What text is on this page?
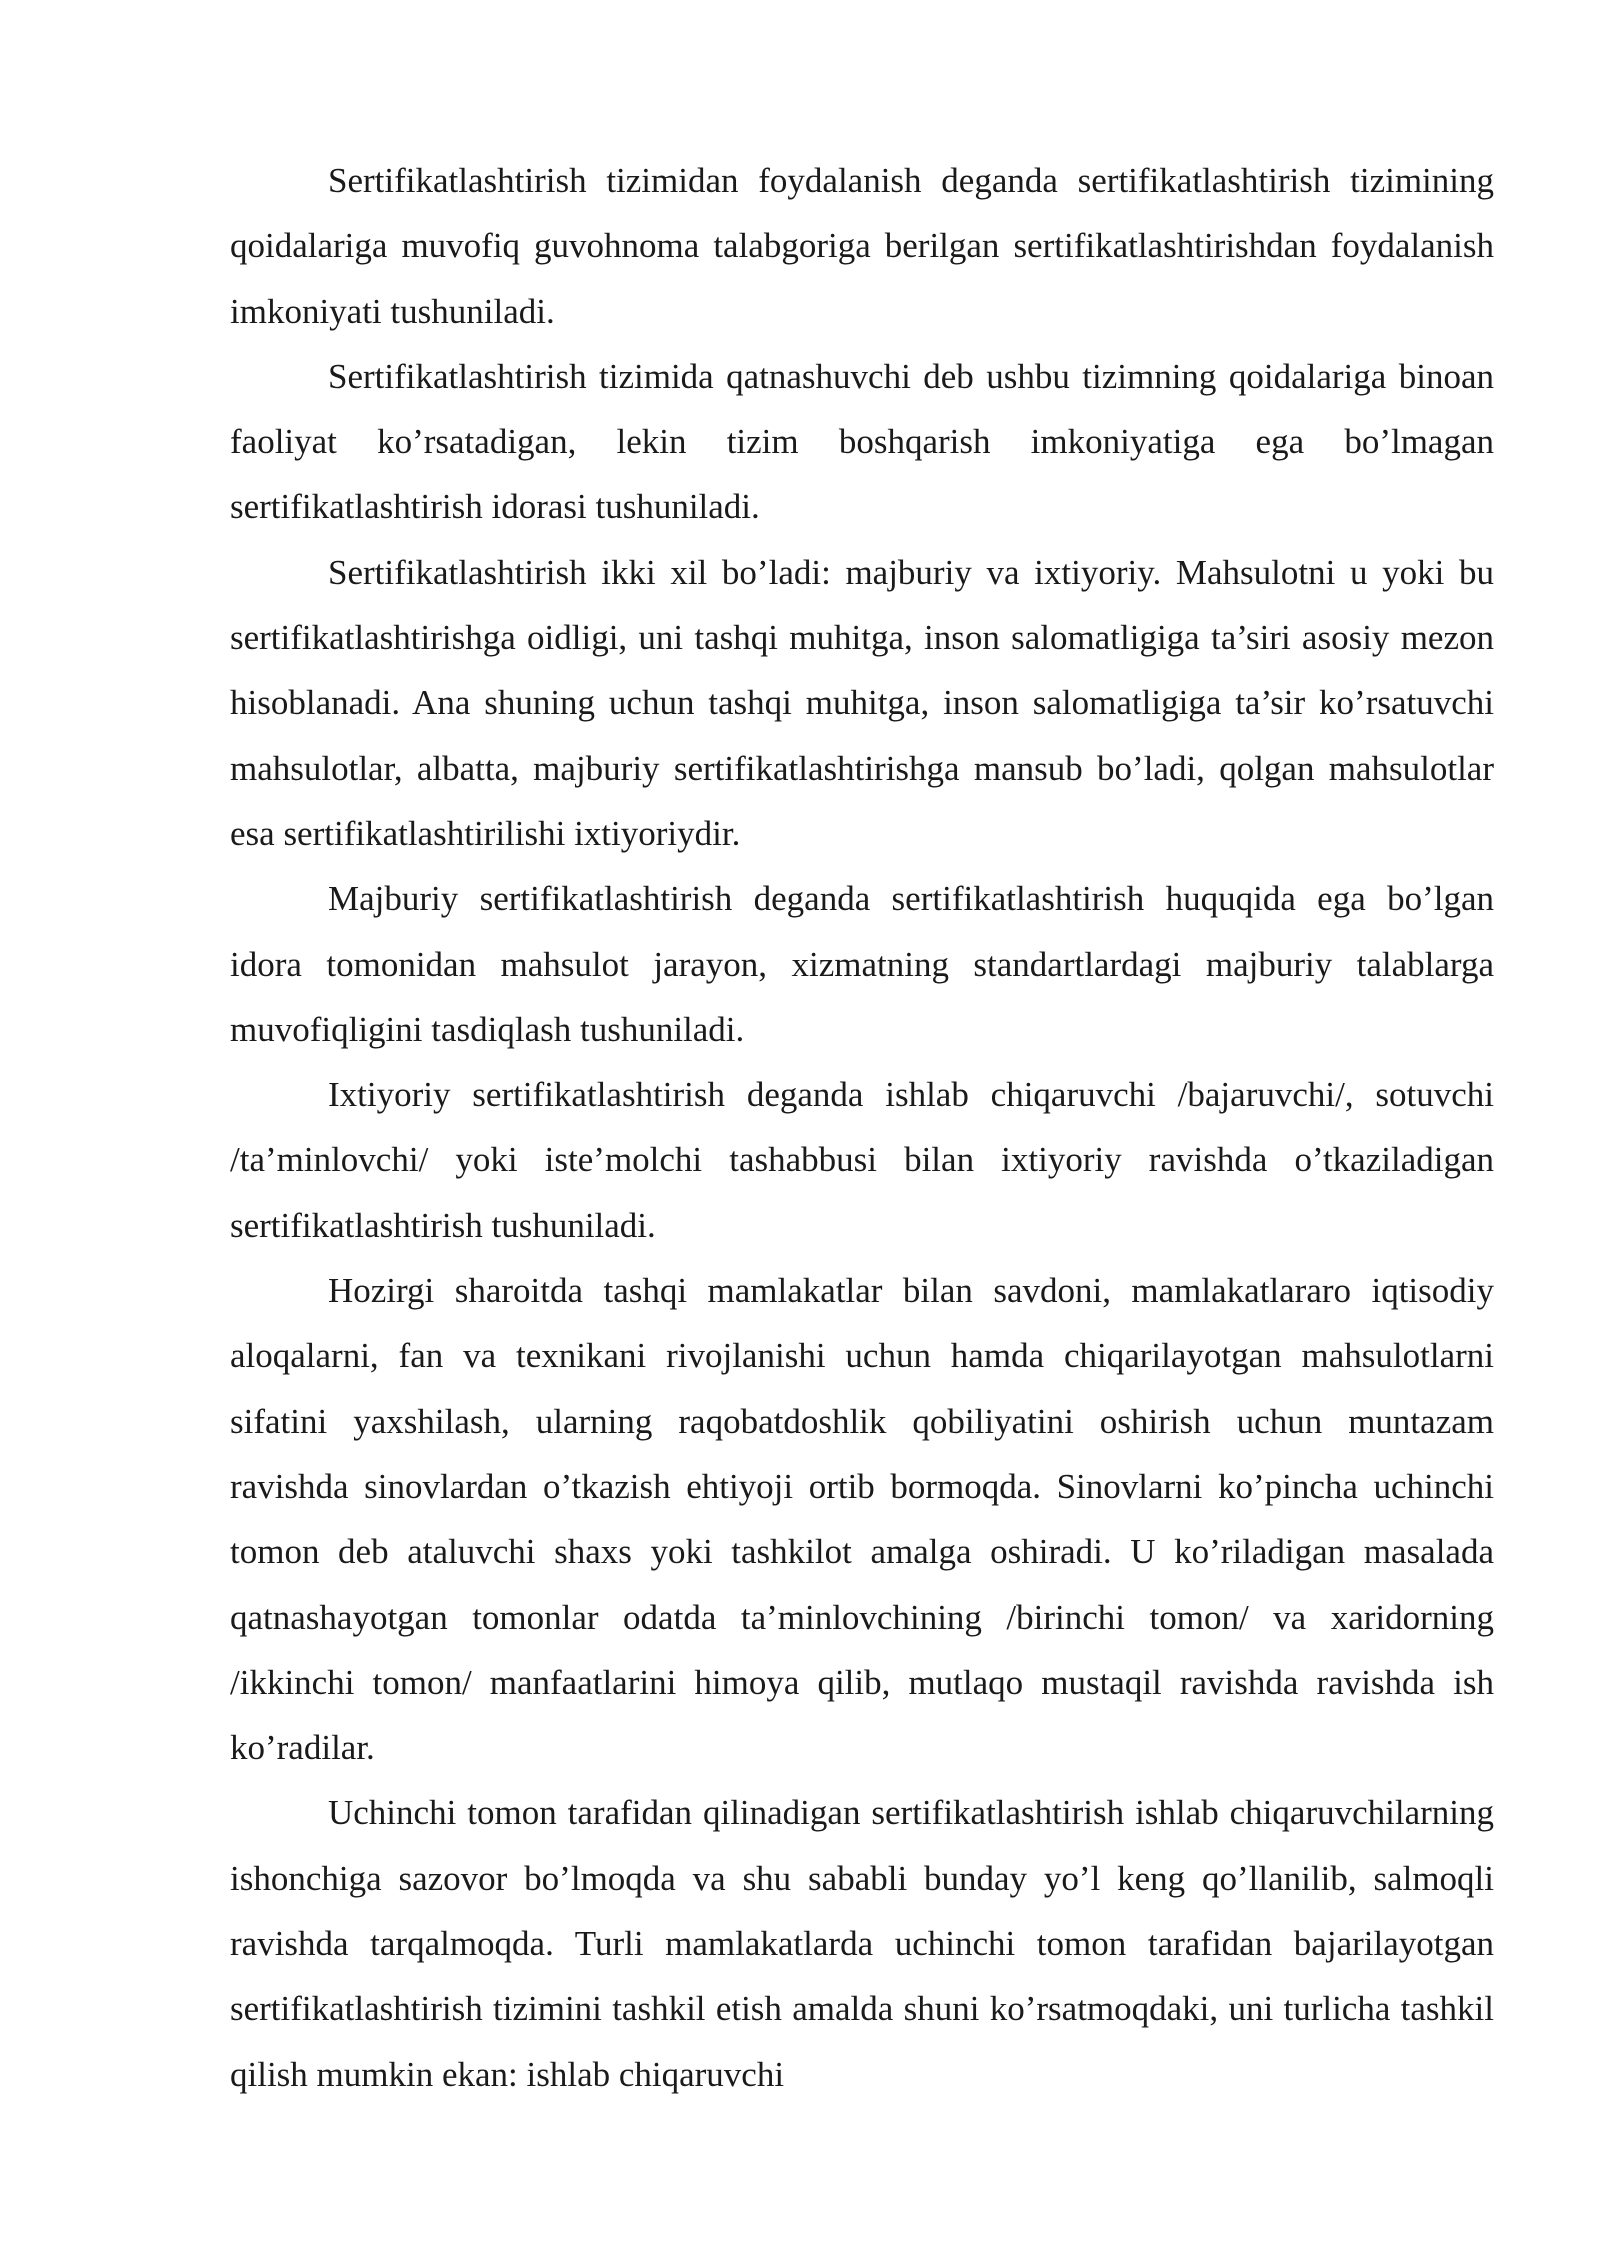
Sertifikatlashtirish tizimidan foydalanish deganda sertifikatlashtirish tizimining qoidalariga muvofiq guvohnoma talabgoriga berilgan sertifikatlashtirishdan foydalanish imkoniyati tushuniladi.

Sertifikatlashtirish tizimida qatnashuvchi deb ushbu tizimning qoidalariga binoan faoliyat ko’rsatadigan, lekin tizim boshqarish imkoniyatiga ega bo’lmagan sertifikatlashtirish idorasi tushuniladi.

Sertifikatlashtirish ikki xil bo’ladi: majburiy va ixtiyoriy. Mahsulotni u yoki bu sertifikatlashtirishga oidligi, uni tashqi muhitga, inson salomatligiga ta’siri asosiy mezon hisoblanadi. Ana shuning uchun tashqi muhitga, inson salomatligiga ta’sir ko’rsatuvchi mahsulotlar, albatta, majburiy sertifikatlashtirishga mansub bo’ladi, qolgan mahsulotlar esa sertifikatlashtirilishi ixtiyoriydir.

Majburiy sertifikatlashtirish deganda sertifikatlashtirish huquqida ega bo’lgan idora tomonidan mahsulot jarayon, xizmatning standartlardagi majburiy talablarga muvofiqligini tasdiqlash tushuniladi.

Ixtiyoriy sertifikatlashtirish deganda ishlab chiqaruvchi /bajaruvchi/, sotuvchi /ta’minlovchi/ yoki iste’molchi tashabbusi bilan ixtiyoriy ravishda o’tkaziladigan sertifikatlashtirish tushuniladi.

Hozirgi sharoitda tashqi mamlakatlar bilan savdoni, mamlakatlararo iqtisodiy aloqalarni, fan va texnikani rivojlanishi uchun hamda chiqarilayotgan mahsulotlarni sifatini yaxshilash, ularning raqobatdoshlik qobiliyatini oshirish uchun muntazam ravishda sinovlardan o’tkazish ehtiyoji ortib bormoqda. Sinovlarni ko’pincha uchinchi tomon deb ataluvchi shaxs yoki tashkilot amalga oshiradi. U ko’riladigan masalada qatnashayotgan tomonlar odatda ta’minlovchining /birinchi tomon/ va xaridorning /ikkinchi tomon/ manfaatlarini himoya qilib, mutlaqo mustaqil ravishda ravishda ish ko’radilar.

Uchinchi tomon tarafidan qilinadigan sertifikatlashtirish ishlab chiqaruvchilarning ishonchiga sazovor bo’lmoqda va shu sababli bunday yo’l keng qo’llanilib, salmoqli ravishda tarqalmoqda. Turli mamlakatlarda uchinchi tomon tarafidan bajarilayotgan sertifikatlashtirish tizimini tashkil etish amalda shuni ko’rsatmoqdaki, uni turlicha tashkil qilish mumkin ekan: ishlab chiqaruvchi
